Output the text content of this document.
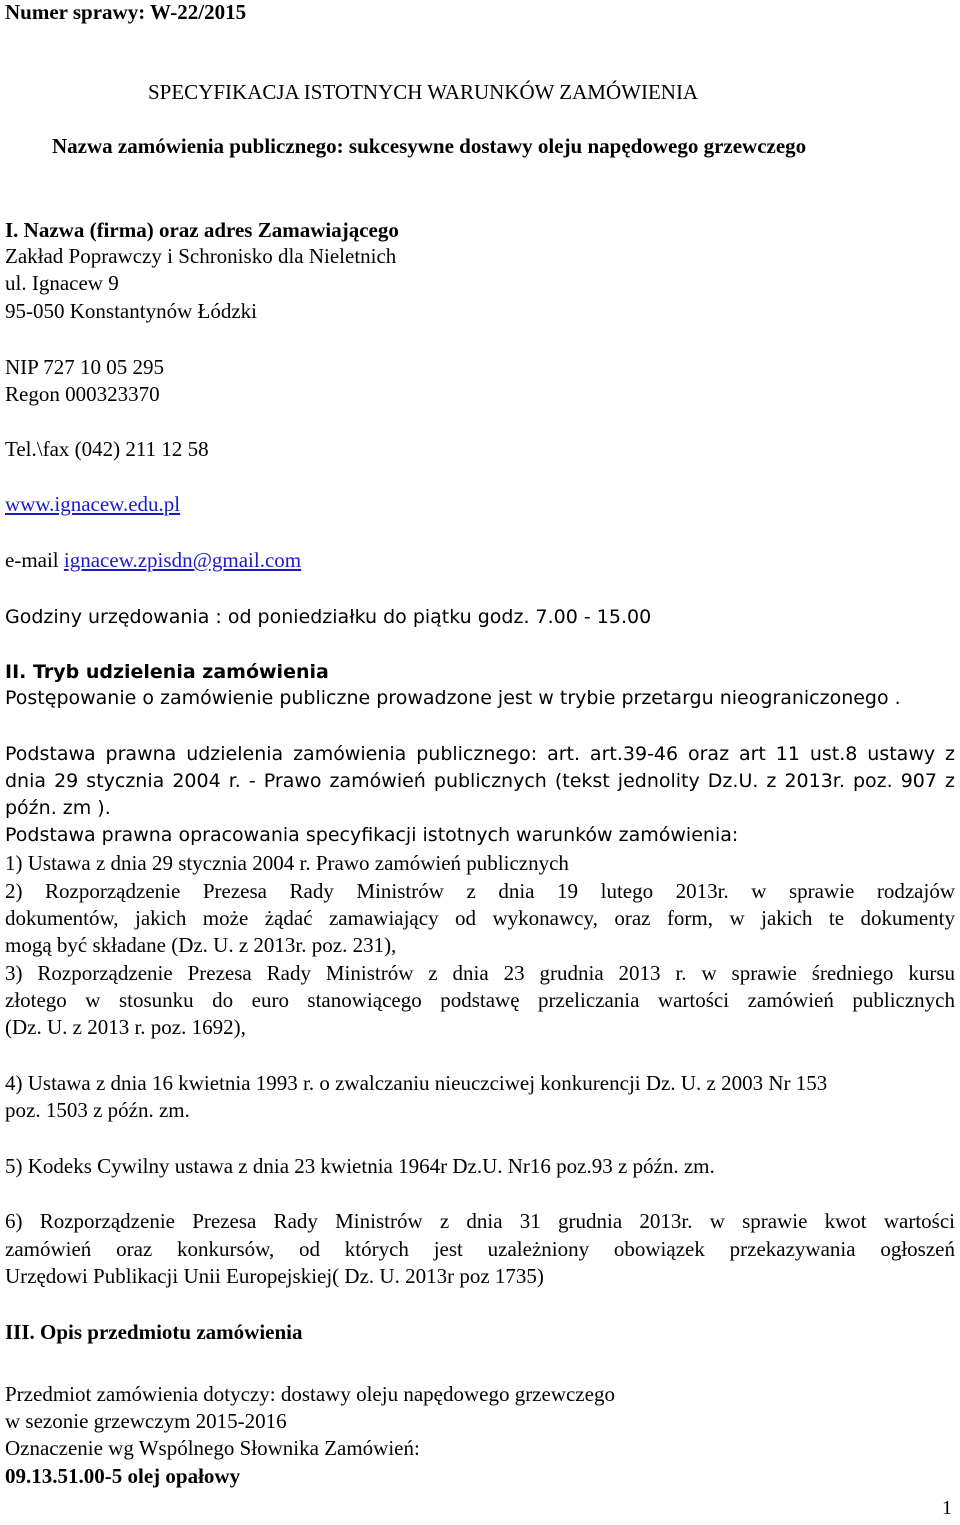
Numer sprawy: W-22/2015
SPECYFIKACJA ISTOTNYCH WARUNKÓW ZAMÓWIENIA
Nazwa zamówienia publicznego: sukcesywne dostawy oleju napędowego grzewczego
I. Nazwa (firma) oraz adres Zamawiającego
Zakład Poprawczy i Schronisko dla Nieletnich
ul. Ignacew 9
95-050 Konstantynów Łódzki
NIP 727 10 05 295
Regon 000323370
Tel.\fax (042) 211 12 58
www.ignacew.edu.pl
e-mail ignacew.zpisdn@gmail.com
Godziny urzędowania : od poniedziałku do piątku godz. 7.00 - 15.00
II. Tryb udzielenia zamówienia
Postępowanie o zamówienie publiczne prowadzone jest w trybie przetargu nieograniczonego .
Podstawa prawna udzielenia zamówienia publicznego: art. art.39-46 oraz art 11 ust.8 ustawy z
dnia 29 stycznia 2004 r. - Prawo zamówień publicznych (tekst jednolity Dz.U. z 2013r. poz. 907 z
późn. zm ).
Podstawa prawna opracowania specyfikacji istotnych warunków zamówienia:
1) Ustawa z dnia 29 stycznia 2004 r. Prawo zamówień publicznych
2) Rozporządzenie Prezesa Rady Ministrów z dnia 19 lutego 2013r. w sprawie rodzajów
dokumentów, jakich może żądać zamawiający od wykonawcy, oraz form, w jakich te dokumenty
mogą być składane (Dz. U. z 2013r. poz. 231),
3) Rozporządzenie Prezesa Rady Ministrów z dnia 23 grudnia 2013 r. w sprawie średniego kursu
złotego w stosunku do euro stanowiącego podstawę przeliczania wartości zamówień publicznych
(Dz. U. z 2013 r. poz. 1692),
4) Ustawa z dnia 16 kwietnia 1993 r. o zwalczaniu nieuczciwej konkurencji Dz. U. z 2003 Nr 153
poz. 1503 z późn. zm.
5) Kodeks Cywilny ustawa z dnia 23 kwietnia 1964r Dz.U. Nr16 poz.93 z późn. zm.
6) Rozporządzenie Prezesa Rady Ministrów z dnia 31 grudnia 2013r. w sprawie kwot wartości
zamówień oraz konkursów, od których jest uzależniony obowiązek przekazywania ogłoszeń
Urzędowi Publikacji Unii Europejskiej( Dz. U. 2013r poz 1735)
III. Opis przedmiotu zamówienia
Przedmiot zamówienia dotyczy: dostawy oleju napędowego grzewczego
w sezonie grzewczym 2015-2016
Oznaczenie wg Wspólnego Słownika Zamówień:
09.13.51.00-5 olej opałowy
1
